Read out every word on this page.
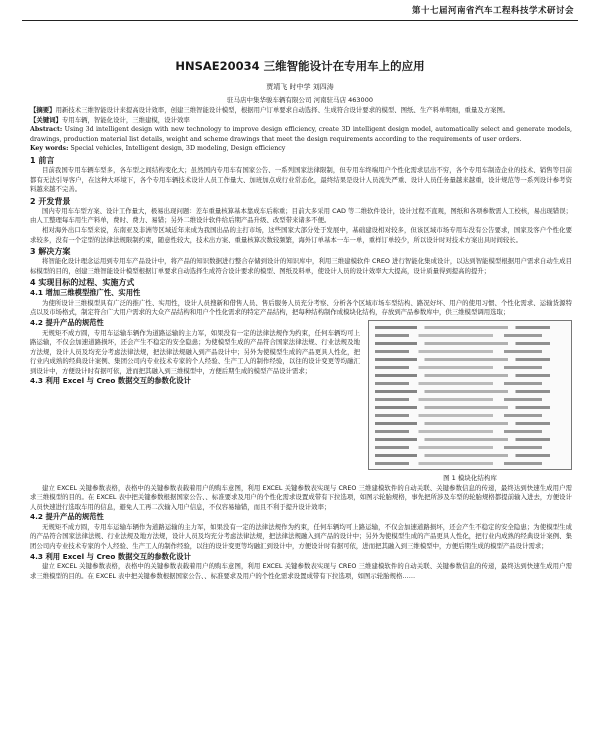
第十七届河南省汽车工程科技学术研讨会
HNSAE20034 三维智能设计在专用车上的应用
贾靖飞 时中学 刘四涛
驻马店中集华骏车辆有限公司 河南驻马店 463000

【摘要】用新技术三维智能设计来提高设计效率，创建三维智能设计模型，根据用户订单要求自动选择、生成符合设计要求的模型、图纸、生产料单明细，重量及方案图。

【关键词】专用车辆，智能化设计，三维建模，设计效率

Abstract: Using 3d intelligent design with new technology to improve design efficiency, create 3D intelligent design model, automatically select and generate models, drawings, production material list details, weight and scheme drawings that meet the design requirements according to the requirements of user orders.

Key words: Special vehicles, Intelligent design, 3D modeling, Design efficiency

1 前言

目前我国专用车辆车型多，各车型之间结构变化大；虽然国内专用车有国家公告、一系列国家法律限制，但专用车终端用户个性化需求层出不穷，各个专用车制造企业的技术、销售等目前都有无法引导客户，在这种大环境下，各个专用车辆技术设计人员工作量大、加班加点成行业常态化，最终结果是设计人员流失严重、设计人员任务量越来越重，设计规范等一系列设计参考资料越来越不完善。

2 开发背景

国内专用车车型方案、设计工作量大，极易出现问题：差车重量核算基本靠成车后称重；目前大多采用 CAD 等二维软件设计，设计过程不直观，图纸和各项参数需人工校核，易出现错误；由人工整理每车用生产料单，费时、费力、易错；另外二维设计软件给后期产品升级、改型带来诸多不便。

相对海外出口车型来说，东南亚及非洲等区域近年来成为我国出品的主打市场，这些国家大部分处于发展中，基础建设相对较多，但该区域市场专用车没有公告要求，国家及客户个性化要求较多，没有一个定型的法律法规限制约束，随意性较大，技术出方案、重量核算次数较频繁，海外订单基本一车一单，重样订单较少，所以设计时对技术方案出具时间较长。

3 解决方案

将智能化设计理念运用到专用车产品设计中，将产品的知识数据进行整合存储到设计的知识库中，利用三维建模软件 CREO 进行智能化集成设计，以达到智能模型根据用户需求自动生成目标模型的目的，创建三维智能设计模型根据订单要求自动选择生成符合设计要求的模型、图纸及料单，使设计人员的设计效率大大提高，设计质量得到提高的提升；

4 实现目标的过程、实施方式
4.1 增加三维模型推广性、实用性

为使所设计三维模型具有广泛的推广性、实用性，设计人员搜新和借售人员、售后服务人员充分考察、分析各个区域市场车型结构、路况好坏、用户的使用习惯、个性化需求、运输货源特点以及市场格式，制定符合广大用户需求的大众产品结构和用户个性化需求的特定产品结构，把每种结构制作成模块化结构，存放到产品参数库中，供三维模型调用选取；

4.2 提升产品的规范性

无规矩不成方圆，专用车运输车辆作为道路运输的主力军，如果没有一定的法律法规作为约束，任何车辆均可上路运输，不仅会加速道路损坏，还会产生不稳定的安全隐患；为使模型生成的产品符合国家法律法规、行业法规及地方法规，设计人员及均充分考虑法律法规，把法律法规融入到产品设计中；另外为使模型生成的产品更具人性化，把行业内成熟的经典设计案例、集团公司内专业技术专家的个人经验、生产工人的制作经验，以往的设计变更等均融汇到设计中，方便设计时有据可依，进而把其融入到三维模型中，方便后期生成的模型产品设计需求；

4.3 利用 Excel 与 Creo 数据交互的参数化设计
图 1 模块化结构库

建立 EXCEL 关键参数表格，表格中的关键参数表载着用户的购车意图，利用 EXCEL 关键参数表实现与 CREO 三维建模软件的自动关联、关键参数信息的传递，最终达到快速生成用户需求三维模型的目的。在 EXCEL 表中把关键参数根据国家公告、、标准要求及用户的个性化需求设置成带有下拉选项，如图示轮胎规格，事先把所涉及车型的轮胎规格都提前输入进去，方便设计人员快速进行选取车用的信息，避免人工再二次输入用户信息，不仅容易输错，而且不利于提升设计效率；

4.2 提升产品的规范性

无规矩不成方圆，专用车运输车辆作为道路运输的主力军，如果没有一定的法律法规作为约束，任何车辆均可上路运输，不仅会加速道路损坏，还会产生不稳定的安全隐患；为使模型生成的产品符合国家法律法规、行业法规及地方法规，设计人员及均充分考虑法律法规，把法律法规融入到产品的设计中；另外为使模型生成的产品更具人性化，把行业内成熟的经典设计案例、集团公司内专业技术专家的个人经验、生产工人的制作经验，以往的设计变更等均融汇到设计中，方便设计时有据可依，进而把其融入到三维模型中，方便后期生成的模型产品设计需求；

4.3 利用 Excel 与 Creo 数据交互的参数化设计

建立 EXCEL 关键参数表格，表格中的关键参数表载着用户的购车意图，利用 EXCEL 关键参数表实现与 CREO 三维建模软件的自动关联、关键参数信息的传递，最终达到快速生成用户需求三维模型的目的。在 EXCEL 表中把关键参数根据国家公告、、标准要求及用户的个性化需求设置成带有下拉选项，如图示轮胎规格……
